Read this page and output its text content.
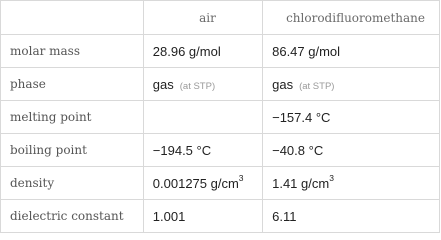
	air	chlorodifluoromethane
molar mass	28.96 g/mol	86.47 g/mol
phase	gas (at STP)	gas (at STP)
melting point		−157.4 °C
boiling point	−194.5 °C	−40.8 °C
density	0.001275 $g/cm^3$	1.41 $g/cm^3$
dielectric constant	1.001	6.11
